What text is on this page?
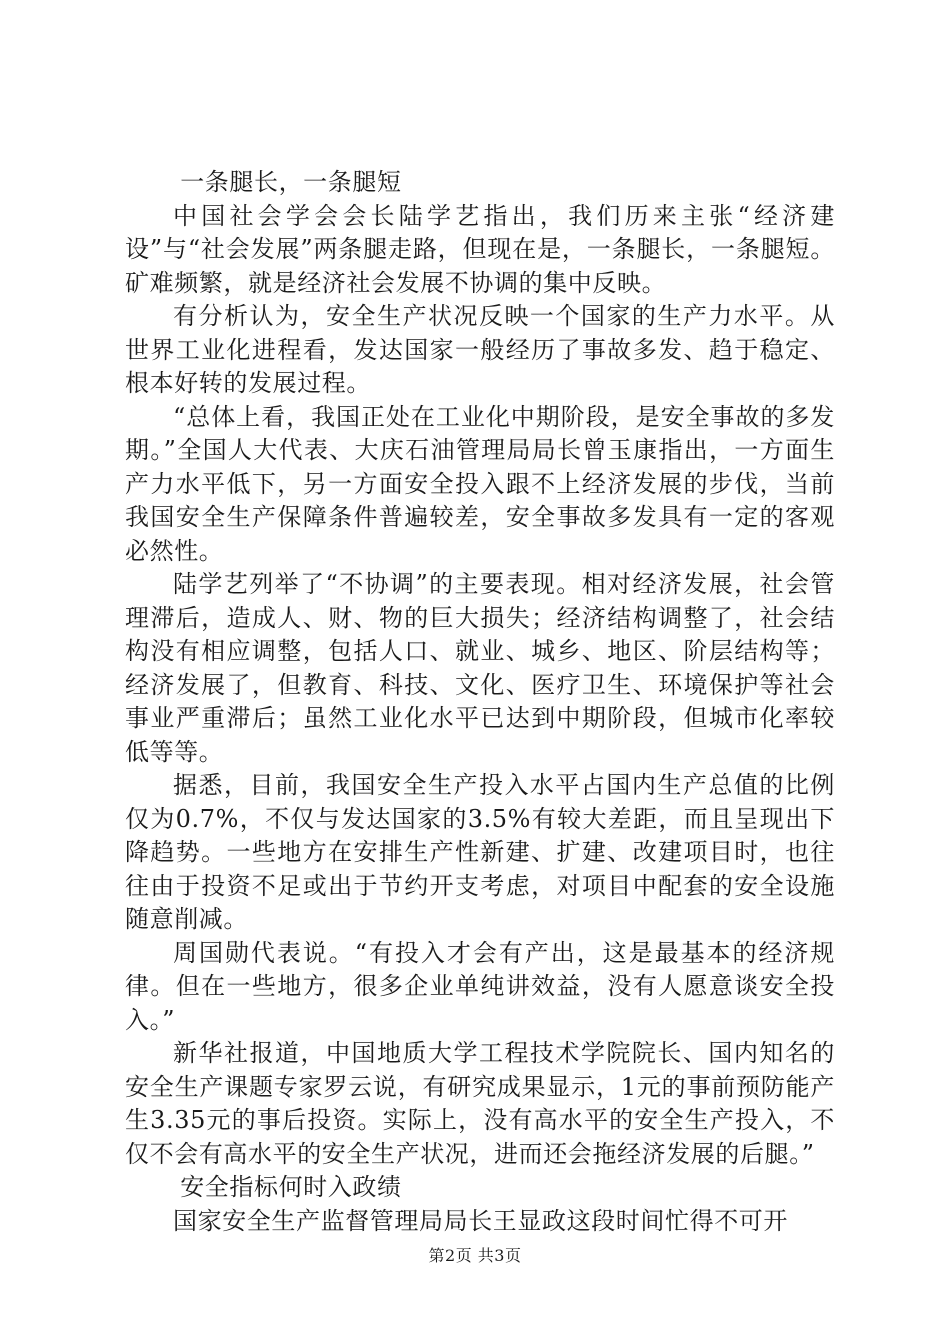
一条腿长，一条腿短

中国社会学会会长陆学艺指出，我们历来主张“经济建设”与“社会发展”两条腿走路，但现在是，一条腿长，一条腿短。矿难频繁，就是经济社会发展不协调的集中反映。

有分析认为，安全生产状况反映一个国家的生产力水平。从世界工业化进程看，发达国家一般经历了事故多发、趋于稳定、根本好转的发展过程。

“总体上看，我国正处在工业化中期阶段，是安全事故的多发期。”全国人大代表、大庆石油管理局局长曾玉康指出，一方面生产力水平低下，另一方面安全投入跟不上经济发展的步伐，当前我国安全生产保障条件普遍较差，安全事故多发具有一定的客观必然性。

陆学艺列举了“不协调”的主要表现。相对经济发展，社会管理滞后，造成人、财、物的巨大损失；经济结构调整了，社会结构没有相应调整，包括人口、就业、城乡、地区、阶层结构等；经济发展了，但教育、科技、文化、医疗卫生、环境保护等社会事业严重滞后；虽然工业化水平已达到中期阶段，但城市化率较低等等。

据悉，目前，我国安全生产投入水平占国内生产总值的比例仅为0.7%，不仅与发达国家的3.5%有较大差距，而且呈现出下降趋势。一些地方在安排生产性新建、扩建、改建项目时，也往往由于投资不足或出于节约开支考虑，对项目中配套的安全设施随意削减。

周国勋代表说。“有投入才会有产出，这是最基本的经济规律。但在一些地方，很多企业单纯讲效益，没有人愿意谈安全投入。”

新华社报道，中国地质大学工程技术学院院长、国内知名的安全生产课题专家罗云说，有研究成果显示，1元的事前预防能产生3.35元的事后投资。实际上，没有高水平的安全生产投入，不仅不会有高水平的安全生产状况，进而还会拖经济发展的后腿。”

安全指标何时入政绩

国家安全生产监督管理局局长王显政这段时间忙得不可开

第2页 共3页
